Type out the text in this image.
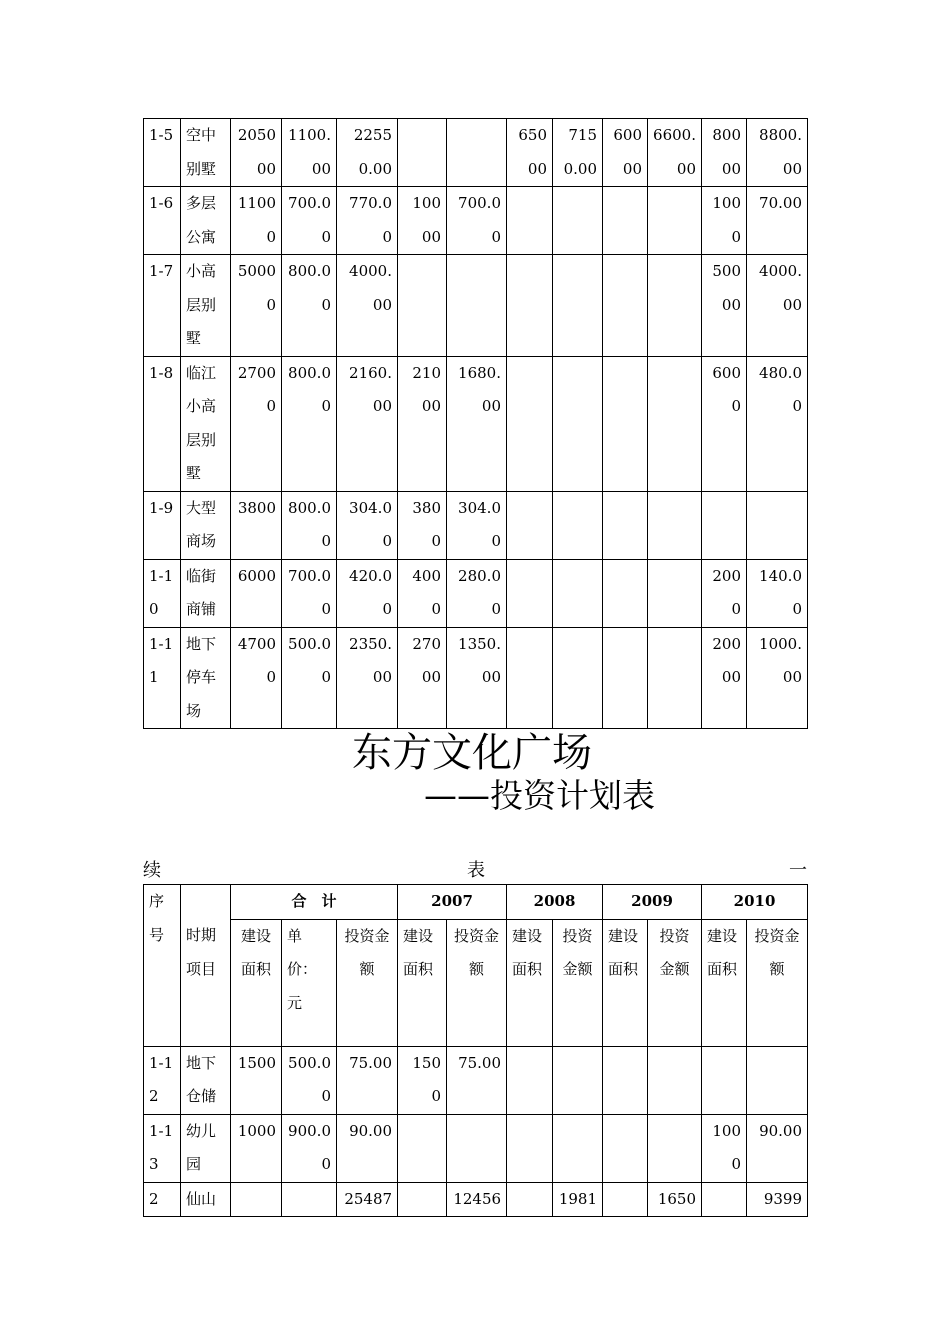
1-5	空中别墅	205000	1100.00	22550.00			65000	7150.00	60000	6600.00	80000	8800.00
1-6	多层公寓	11000	700.00	770.00	10000	700.00					1000	70.00
1-7	小高层别墅	50000	800.00	4000.00							50000	4000.00
1-8	临江小高层别墅	27000	800.00	2160.00	21000	1680.00					6000	480.00
1-9	大型商场	3800	800.00	304.00	3800	304.00						
1-10	临街商铺	6000	700.00	420.00	4000	280.00					2000	140.00
1-11	地下停车场	47000	500.00	2350.00	27000	1350.00					20000	1000.00
东方文化广场
——投资计划表
续	表	一
序号	时期项目	合　计			2007		2008		2009		2010	
		建设面积	单价：元	投资金额	建设面积	投资金额	建设面积	投资金额	建设面积	投资金额	建设面积	投资金额
1-12	地下仓储	1500	500.00	75.00	1500	75.00						
1-13	幼儿园	1000	900.00	90.00							1000	90.00
2	仙山			25487		12456		1981		1650		9399
